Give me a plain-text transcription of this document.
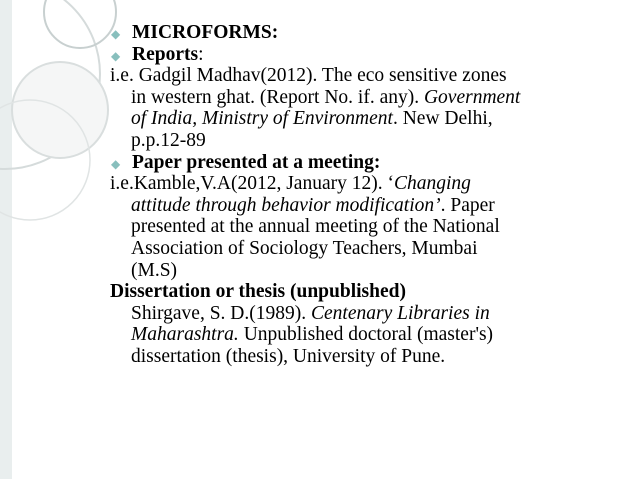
◆ MICROFORMS:
◆ Reports:
i.e. Gadgil Madhav(2012). The eco sensitive zones
in western ghat. (Report No. if. any). Government
of India, Ministry of Environment. New Delhi,
p.p.12-89
◆ Paper presented at a meeting:
i.e.Kamble,V.A(2012, January 12). ‘Changing
attitude through behavior modification’. Paper
presented at the annual meeting of the National
Association of Sociology Teachers, Mumbai
(M.S)
Dissertation or thesis (unpublished)
Shirgave, S. D.(1989). Centenary Libraries in
Maharashtra. Unpublished doctoral (master's)
dissertation (thesis), University of Pune.
